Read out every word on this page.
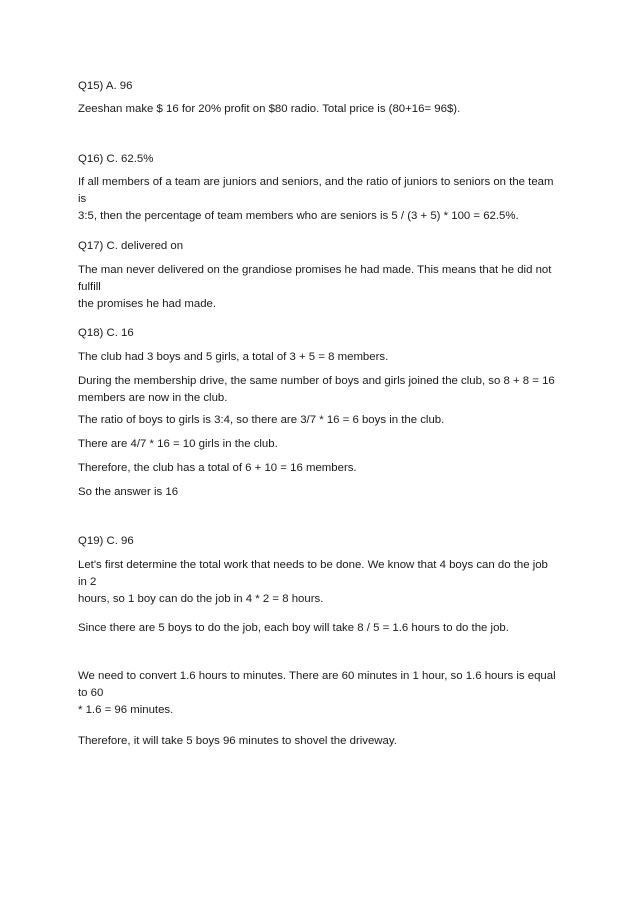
Q15) A. 96

Zeeshan make $ 16 for 20% profit on $80 radio. Total price is (80+16= 96$).

Q16) C. 62.5%

If all members of a team are juniors and seniors, and the ratio of juniors to seniors on the team is
3:5, then the percentage of team members who are seniors is 5 / (3 + 5) * 100 = 62.5%.

Q17) C. delivered on

The man never delivered on the grandiose promises he had made. This means that he did not fulfill
the promises he had made.

Q18) C. 16

The club had 3 boys and 5 girls, a total of 3 + 5 = 8 members.

During the membership drive, the same number of boys and girls joined the club, so 8 + 8 = 16
members are now in the club.

The ratio of boys to girls is 3:4, so there are 3/7 * 16 = 6 boys in the club.

There are 4/7 * 16 = 10 girls in the club.

Therefore, the club has a total of 6 + 10 = 16 members.

So the answer is 16

Q19) C. 96

Let's first determine the total work that needs to be done. We know that 4 boys can do the job in 2
hours, so 1 boy can do the job in 4 * 2 = 8 hours.

Since there are 5 boys to do the job, each boy will take 8 / 5 = 1.6 hours to do the job.

We need to convert 1.6 hours to minutes. There are 60 minutes in 1 hour, so 1.6 hours is equal to 60
* 1.6 = 96 minutes.

Therefore, it will take 5 boys 96 minutes to shovel the driveway.
